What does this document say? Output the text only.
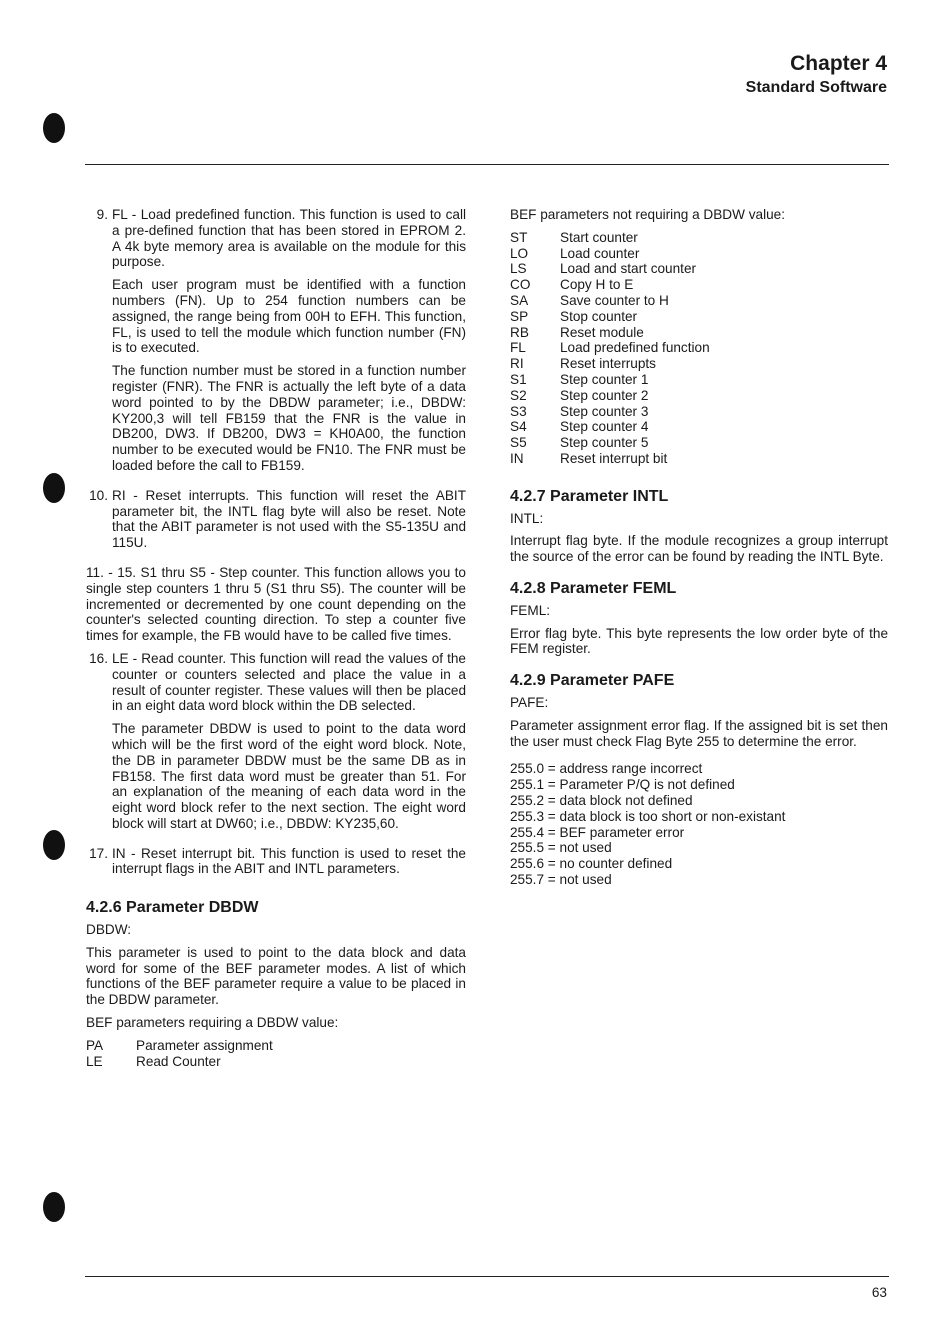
Chapter 4
Standard Software
9. FL - Load predefined function. This function is used to call a pre-defined function that has been stored in EPROM 2. A 4k byte memory area is available on the module for this purpose.

Each user program must be identified with a function numbers (FN). Up to 254 function numbers can be assigned, the range being from 00H to EFH. This function, FL, is used to tell the module which function number (FN) is to executed.

The function number must be stored in a function number register (FNR). The FNR is actually the left byte of a data word pointed to by the DBDW parameter; i.e., DBDW: KY200,3 will tell FB159 that the FNR is the value in DB200, DW3. If DB200, DW3 = KH0A00, the function number to be executed would be FN10. The FNR must be loaded before the call to FB159.

10. RI - Reset interrupts. This function will reset the ABIT parameter bit, the INTL flag byte will also be reset. Note that the ABIT parameter is not used with the S5-135U and 115U.

11. - 15. S1 thru S5 - Step counter. This function allows you to single step counters 1 thru 5 (S1 thru S5). The counter will be incremented or decremented by one count depending on the counter's selected counting direction. To step a counter five times for example, the FB would have to be called five times.

16. LE - Read counter. This function will read the values of the counter or counters selected and place the value in a result of counter register. These values will then be placed in an eight data word block within the DB selected.

The parameter DBDW is used to point to the data word which will be the first word of the eight word block. Note, the DB in parameter DBDW must be the same DB as in FB158. The first data word must be greater than 51. For an explanation of the meaning of each data word in the eight word block refer to the next section. The eight word block will start at DW60; i.e., DBDW: KY235,60.

17. IN - Reset interrupt bit. This function is used to reset the interrupt flags in the ABIT and INTL parameters.

4.2.6 Parameter DBDW

DBDW:

This parameter is used to point to the data block and data word for some of the BEF parameter modes. A list of which functions of the BEF parameter require a value to be placed in the DBDW parameter.

BEF parameters requiring a DBDW value:

PA	Parameter assignment
LE	Read Counter

BEF parameters not requiring a DBDW value:

ST	Start counter
LO	Load counter
LS	Load and start counter
CO	Copy H to E
SA	Save counter to H
SP	Stop counter
RB	Reset module
FL	Load predefined function
RI	Reset interrupts
S1	Step counter 1
S2	Step counter 2
S3	Step counter 3
S4	Step counter 4
S5	Step counter 5
IN	Reset interrupt bit
4.2.7 Parameter INTL

INTL:

Interrupt flag byte. If the module recognizes a group interrupt the source of the error can be found by reading the INTL Byte.

4.2.8 Parameter FEML

FEML:

Error flag byte. This byte represents the low order byte of the FEM register.

4.2.9 Parameter PAFE

PAFE:

Parameter assignment error flag. If the assigned bit is set then the user must check Flag Byte 255 to determine the error.

255.0 = address range incorrect
255.1 = Parameter P/Q is not defined
255.2 = data block not defined
255.3 = data block is too short or non-existant
255.4 = BEF parameter error
255.5 = not used
255.6 = no counter defined
255.7 = not used
63
